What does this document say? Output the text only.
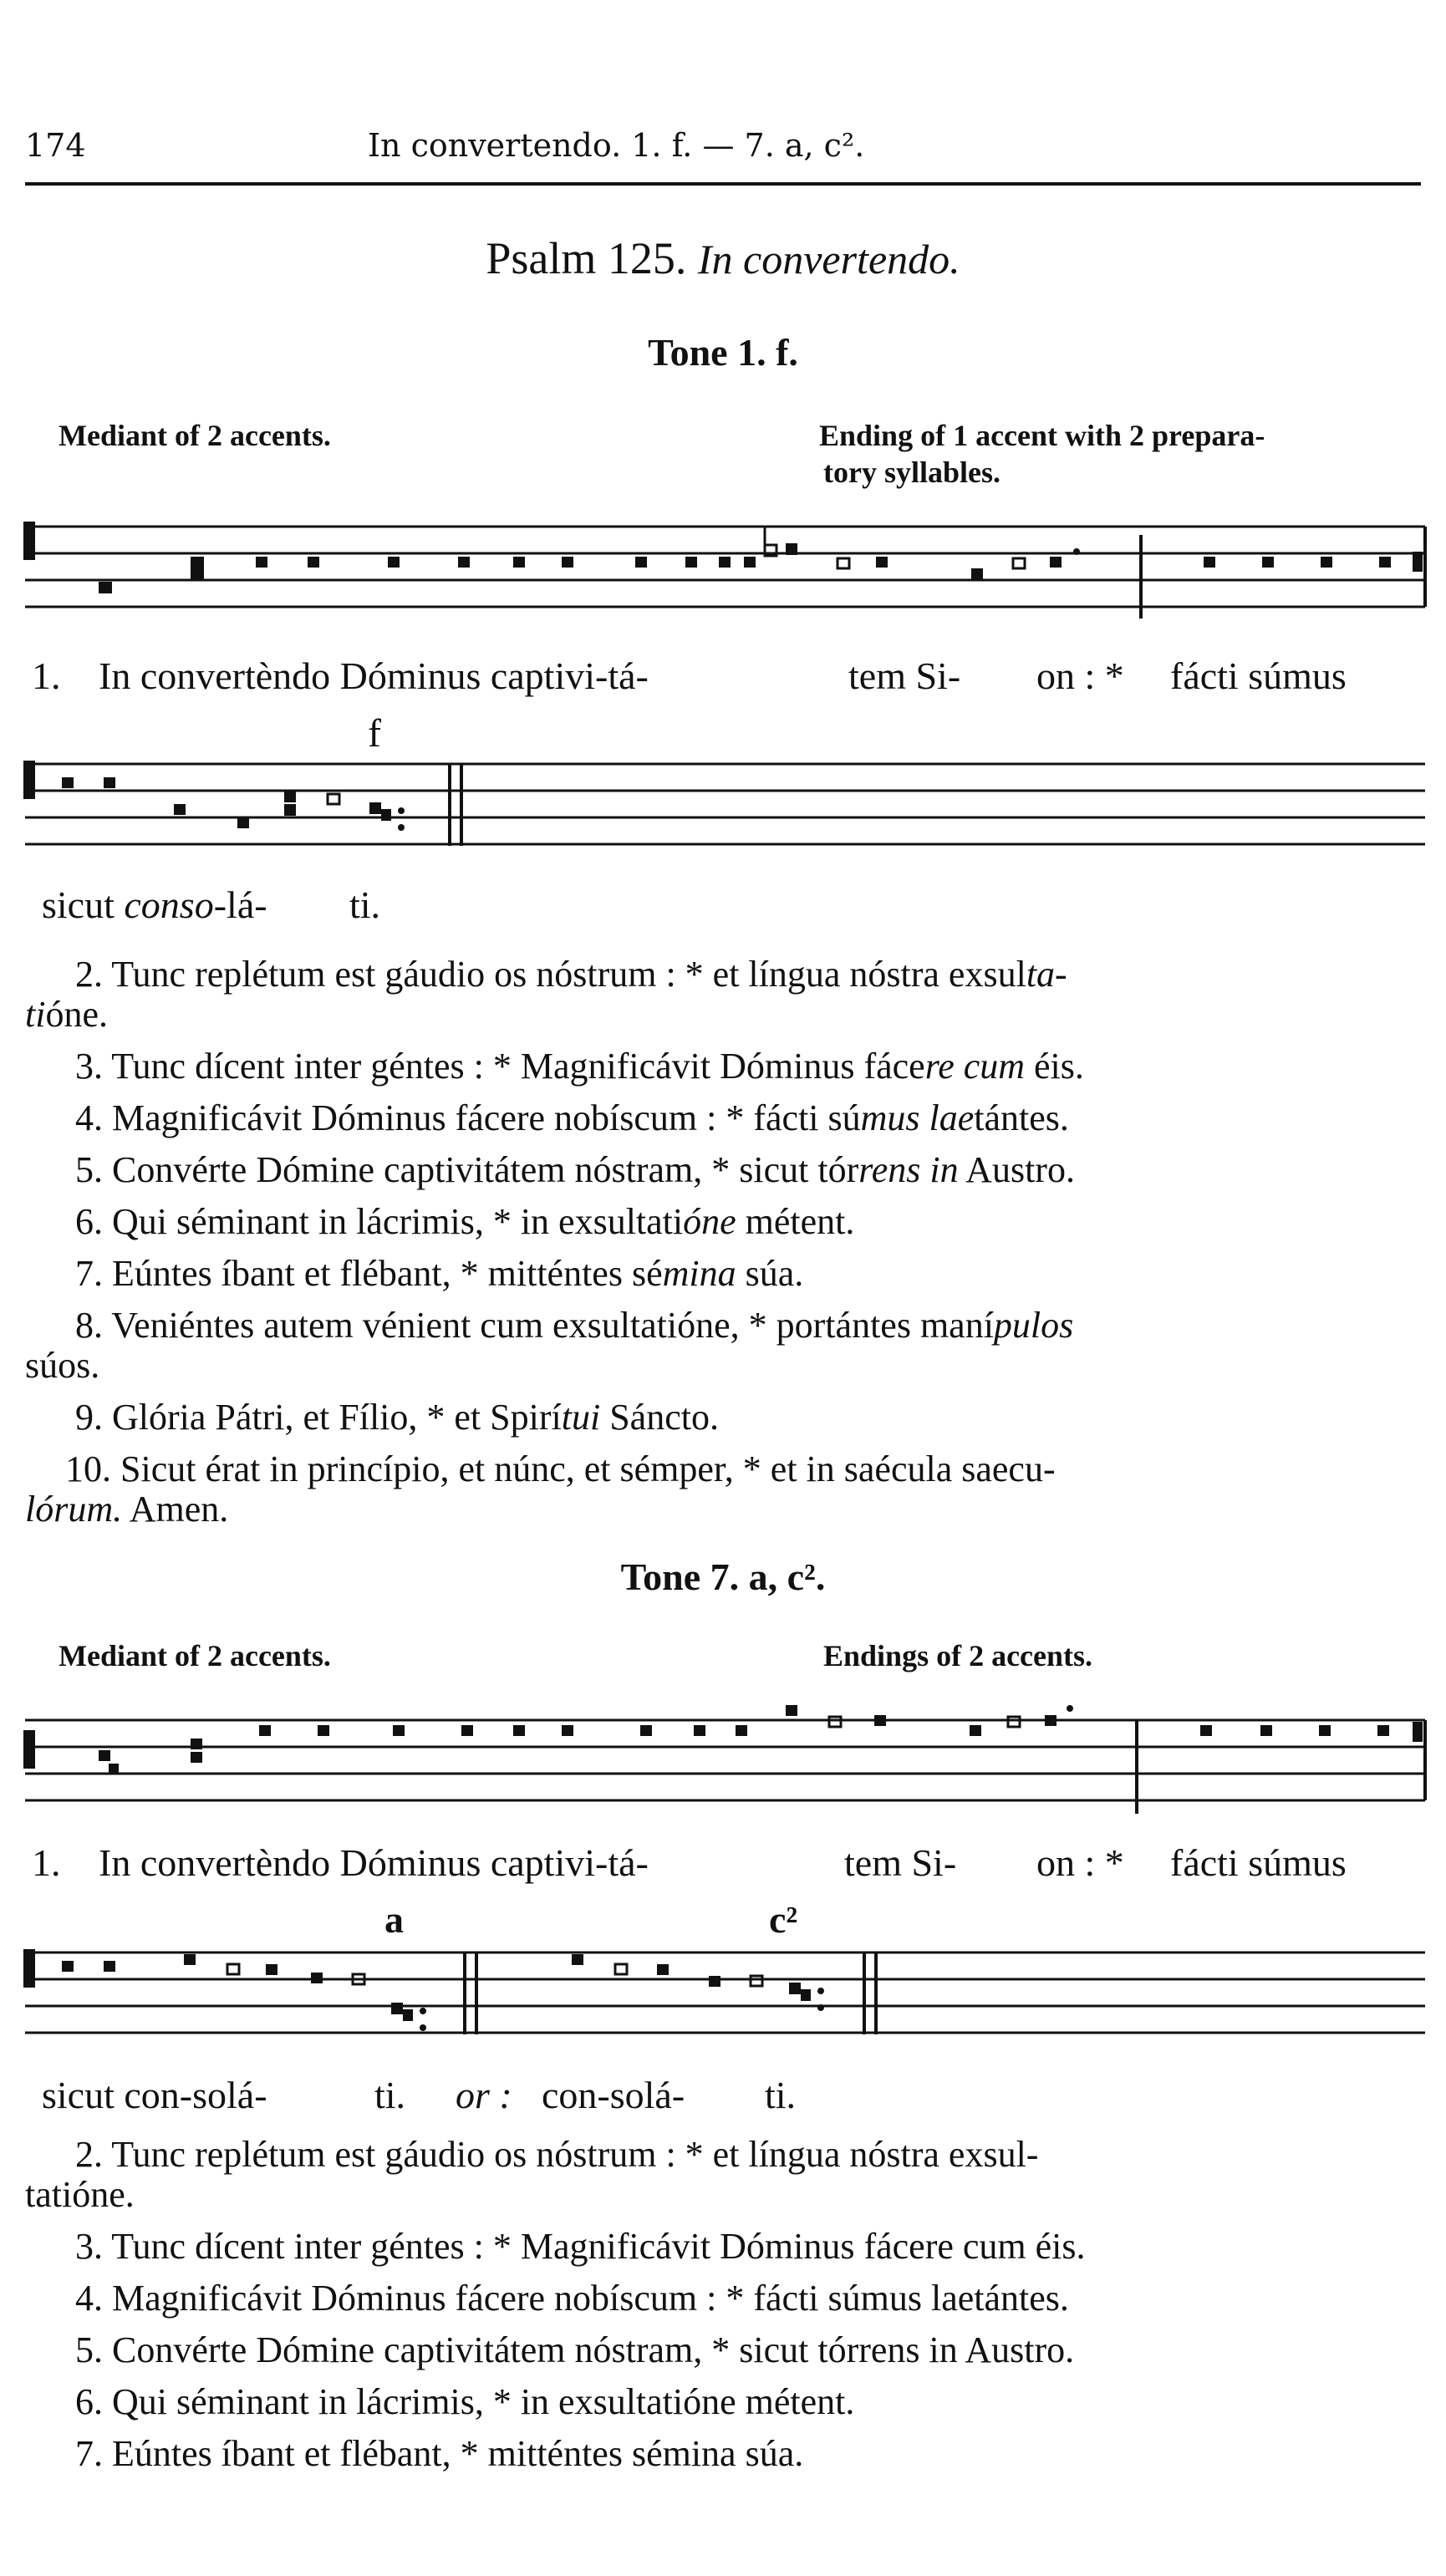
174	In convertendo. 1. f. — 7. a, c².
Psalm 125. In convertendo.
Tone 1. f.
Mediant of 2 accents.	Ending of 1 accent with 2 prepara-
tory syllables.
1. In convertèndo Dóminus captivi-tá-	tem Si- on : * fácti súmus
f
sicut conso-lá- ti.
2. Tunc replétum est gáudio os nóstrum : * et língua nóstra exsulta-
tióne.
3. Tunc dícent inter géntes : * Magnificávit Dóminus fácere cum éis.
4. Magnificávit Dóminus fácere nobíscum : * fácti súmus laetántes.
5. Convérte Dómine captivitátem nóstram, * sicut tórrens in Austro.
6. Qui séminant in lácrimis, * in exsultatióne métent.
7. Eúntes íbant et flébant, * mitténtes sémina súa.
8. Veniéntes autem vénient cum exsultatióne, * portántes manípulos
súos.
9. Glória Pátri, et Fílio, * et Spirítui Sáncto.
10. Sicut érat in princípio, et núnc, et sémper, * et in saécula saecu-
lórum. Amen.
Tone 7. a, c².
Mediant of 2 accents.	Endings of 2 accents.
1. In convertèndo Dóminus captivi-tá-	tem Si- on : * fácti súmus
a	c²
sicut con-solá-	ti. or : con-solá- ti.
2. Tunc replétum est gáudio os nóstrum : * et língua nóstra exsul-
tatióne.
3. Tunc dícent inter géntes : * Magnificávit Dóminus fácere cum éis.
4. Magnificávit Dóminus fácere nobíscum : * fácti súmus laetántes.
5. Convérte Dómine captivitátem nóstram, * sicut tórrens in Austro.
6. Qui séminant in lácrimis, * in exsultatióne métent.
7. Eúntes íbant et flébant, * mitténtes sémina súa.
